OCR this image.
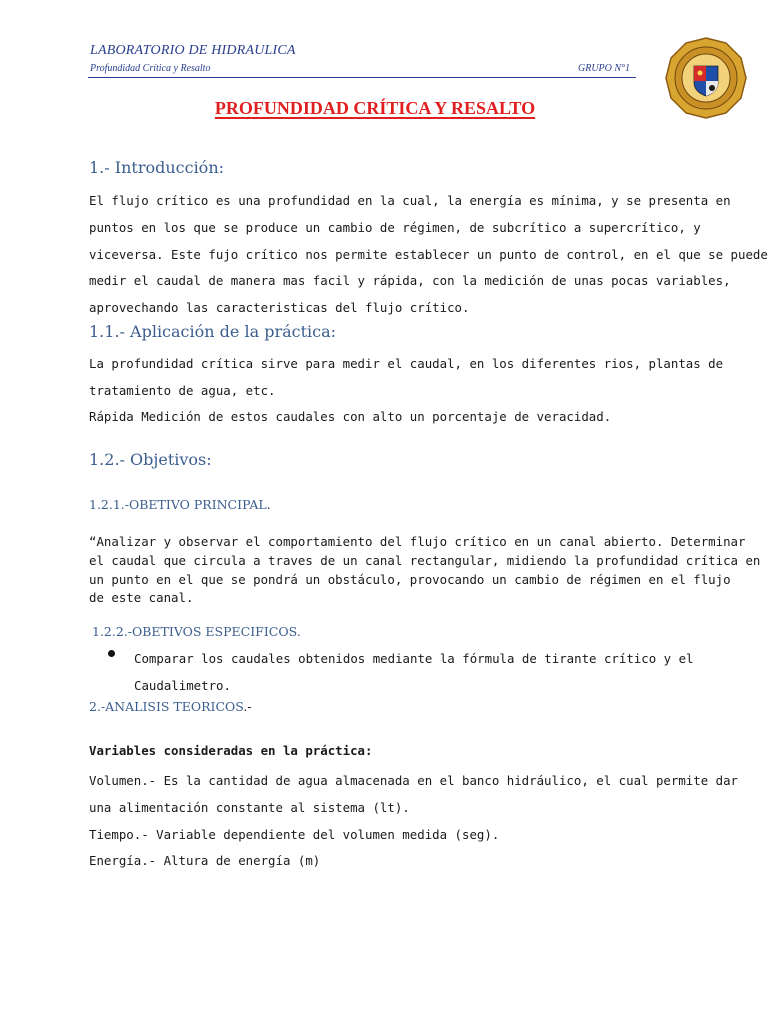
LABORATORIO DE HIDRAULICA
Profundidad Crítica y Resalto	GRUPO N°1
PROFUNDIDAD CRÍTICA Y RESALTO
1.- Introducción:
El flujo crítico es una profundidad en la cual, la energía es mínima, y se presenta en
puntos en los que se produce un cambio de régimen, de subcrítico a supercrítico, y
viceversa. Este fujo crítico nos permite establecer un punto de control, en el que se puede
medir el caudal de manera mas facil y rápida, con la medición de unas pocas variables,
aprovechando las caracteristicas del flujo crítico.
1.1.- Aplicación de la práctica:
La profundidad crítica sirve para medir el caudal, en los diferentes rios, plantas de
tratamiento de agua, etc.
Rápida Medición de estos caudales con alto un porcentaje de veracidad.
1.2.- Objetivos:
1.2.1.-OBETIVO PRINCIPAL.
“Analizar y observar el comportamiento del flujo crítico en un canal abierto. Determinar
el caudal que circula a traves de un canal rectangular, midiendo la profundidad crítica en
un punto en el que se pondrá un obstáculo, provocando un cambio de régimen en el flujo
de este canal.
1.2.2.-OBETIVOS ESPECIFICOS.
Comparar los caudales obtenidos mediante la fórmula de tirante crítico y el
Caudalimetro.
2.-ANALISIS TEORICOS.-
Variables consideradas en la práctica:
Volumen.- Es la cantidad de agua almacenada en el banco hidráulico, el cual permite dar
una alimentación constante al sistema (lt).
Tiempo.- Variable dependiente del volumen medida (seg).
Energía.- Altura de energía (m)
